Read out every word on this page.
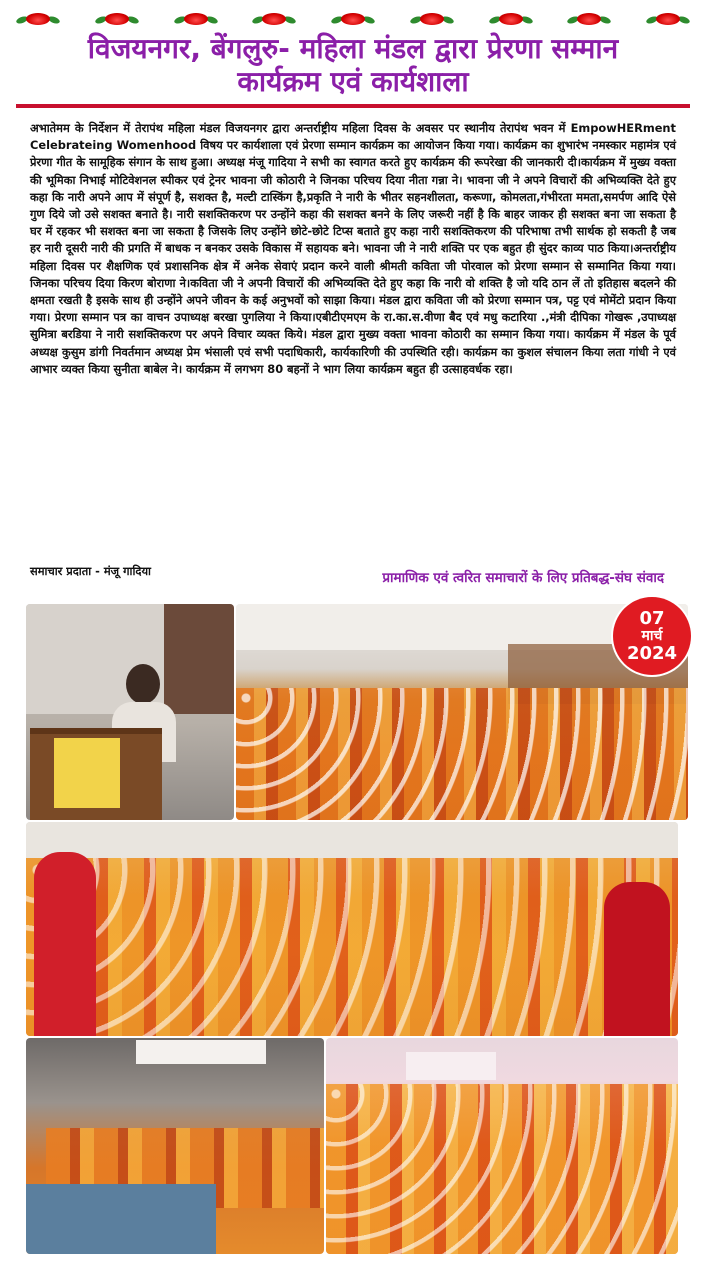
विजयनगर, बेंगलुरु- महिला मंडल द्वारा प्रेरणा सम्मान
कार्यक्रम एवं कार्यशाला

अभातेमम के निर्देशन में तेरापंथ महिला मंडल विजयनगर द्वारा अन्तर्राष्ट्रीय महिला दिवस के अवसर पर स्थानीय तेरापंथ भवन में EmpowHERment Celebrateing Womenhood विषय पर कार्यशाला एवं प्रेरणा सम्मान कार्यक्रम का आयोजन किया गया। कार्यक्रम का शुभारंभ नमस्कार महामंत्र एवं प्रेरणा गीत के सामूहिक संगान के साथ हुआ। अध्यक्ष मंजू गादिया ने सभी का स्वागत करते हुए कार्यक्रम की रूपरेखा की जानकारी दी।कार्यक्रम में मुख्य वक्ता की भूमिका निभाई मोटिवेशनल स्पीकर एवं ट्रेनर भावना जी कोठारी ने जिनका परिचय दिया नीता गन्ना ने। भावना जी ने अपने विचारों की अभिव्यक्ति देते हुए कहा कि नारी अपने आप में संपूर्ण है, सशक्त है, मल्टी टास्किंग है,प्रकृति ने नारी के भीतर सहनशीलता, करूणा, कोमलता,गंभीरता ममता,समर्पण आदि ऐसे गुण दिये जो उसे सशक्त बनाते है। नारी सशक्तिकरण पर उन्होंने कहा की सशक्त बनने के लिए जरूरी नहीं है कि बाहर जाकर ही सशक्त बना जा सकता है घर में रहकर भी सशक्त बना जा सकता है जिसके लिए उन्होंने छोटे-छोटे टिप्स बताते हुए कहा नारी सशक्तिकरण की परिभाषा तभी सार्थक हो सकती है जब हर नारी दूसरी नारी की प्रगति में बाधक न बनकर उसके विकास में सहायक बने। भावना जी ने नारी शक्ति पर एक बहुत ही सुंदर काव्य पाठ किया।अन्तर्राष्ट्रीय महिला दिवस पर शैक्षणिक एवं प्रशासनिक क्षेत्र में अनेक सेवाएं प्रदान करने वाली श्रीमती कविता जी पोरवाल को प्रेरणा सम्मान से सम्मानित किया गया। जिनका परिचय दिया किरण बोराणा ने।कविता जी ने अपनी विचारों की अभिव्यक्ति देते हुए कहा कि नारी वो शक्ति है जो यदि ठान लें तो इतिहास बदलने की क्षमता रखती है इसके साथ ही उन्होंने अपने जीवन के कई अनुभवों को साझा किया। मंडल द्वारा कविता जी को प्रेरणा सम्मान पत्र, पट्ट एवं मोमेंटो प्रदान किया गया। प्रेरणा सम्मान पत्र का वाचन उपाध्यक्ष बरखा पुगलिया ने किया।एबीटीएमएम के रा.का.स.वीणा बैद एवं मधु कटारिया .,मंत्री दीपिका गोखरू ,उपाध्यक्ष सुमित्रा बरडिया ने नारी सशक्तिकरण पर अपने विचार व्यक्त किये। मंडल द्वारा मुख्य वक्ता भावना कोठारी का सम्मान किया गया। कार्यक्रम में मंडल के पूर्व अध्यक्ष कुसुम डांगी निवर्तमान अध्यक्ष प्रेम भंसाली एवं सभी पदाधिकारी, कार्यकारिणी की उपस्थिति रही। कार्यक्रम का कुशल संचालन किया लता गांधी ने एवं आभार व्यक्त किया सुनीता बाबेल ने। कार्यक्रम में लगभग 80 बहनों ने भाग लिया कार्यक्रम बहुत ही उत्साहवर्धक रहा।

समाचार प्रदाता - मंजू गादिया	प्रामाणिक एवं त्वरित समाचारों के लिए प्रतिबद्ध-संघ संवाद
07
मार्च
2024
